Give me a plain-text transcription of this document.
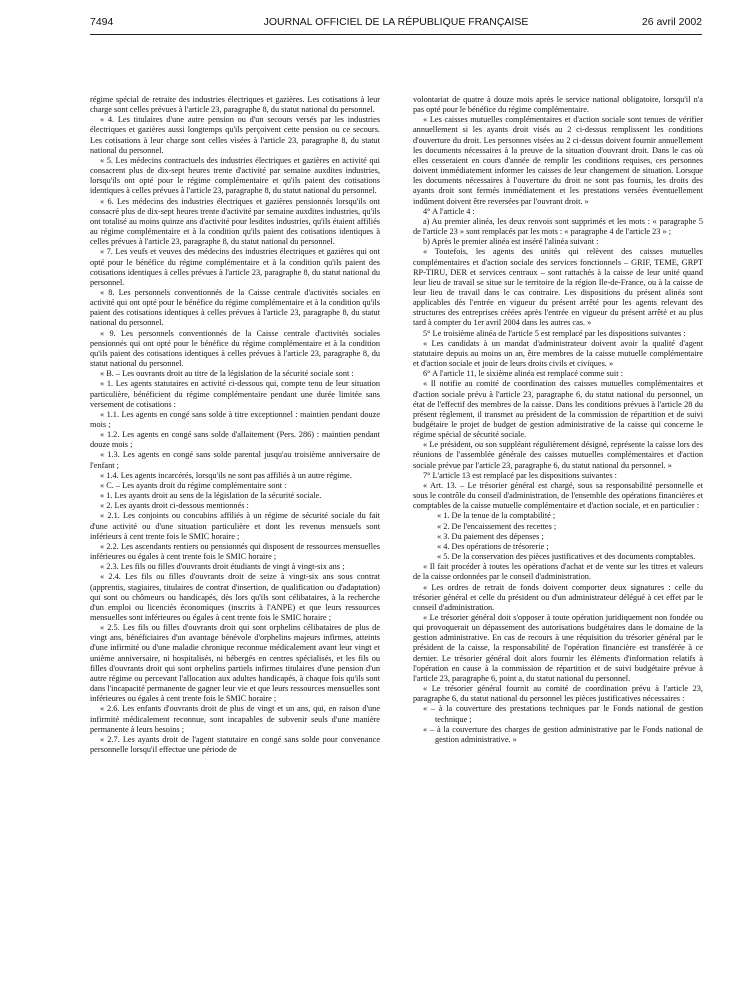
7494	JOURNAL OFFICIEL DE LA RÉPUBLIQUE FRANÇAISE	26 avril 2002

régime spécial de retraite des industries électriques et gazières. Les cotisations à leur charge sont celles prévues à l'article 23, paragraphe 8, du statut national du personnel.

« 4. Les titulaires d'une autre pension ou d'un secours versés par les industries électriques et gazières aussi longtemps qu'ils perçoivent cette pension ou ce secours. Les cotisations à leur charge sont celles visées à l'article 23, paragraphe 8, du statut national du personnel.

« 5. Les médecins contractuels des industries électriques et gazières en activité qui consacrent plus de dix-sept heures trente d'activité par semaine auxdites industries, lorsqu'ils ont opté pour le régime complémentaire et qu'ils paient des cotisations identiques à celles prévues à l'article 23, paragraphe 8, du statut national du personnel.

« 6. Les médecins des industries électriques et gazières pensionnés lorsqu'ils ont consacré plus de dix-sept heures trente d'activité par semaine auxdites industries, qu'ils ont totalisé au moins quinze ans d'activité pour lesdites industries, qu'ils étaient affiliés au régime complémentaire et à la condition qu'ils paient des cotisations identiques à celles prévues à l'article 23, paragraphe 8, du statut national du personnel.

« 7. Les veufs et veuves des médecins des industries électriques et gazières qui ont opté pour le bénéfice du régime complémentaire et à la condition qu'ils paient des cotisations identiques à celles prévues à l'article 23, paragraphe 8, du statut national du personnel.

« 8. Les personnels conventionnés de la Caisse centrale d'activités sociales en activité qui ont opté pour le bénéfice du régime complémentaire et à la condition qu'ils paient des cotisations identiques à celles prévues à l'article 23, paragraphe 8, du statut national du personnel.

« 9. Les personnels conventionnés de la Caisse centrale d'activités sociales pensionnés qui ont opté pour le bénéfice du régime complémentaire et à la condition qu'ils paient des cotisations identiques à celles prévues à l'article 23, paragraphe 8, du statut national du personnel.

« B. – Les ouvrants droit au titre de la législation de la sécurité sociale sont :

« 1. Les agents statutaires en activité ci-dessous qui, compte tenu de leur situation particulière, bénéficient du régime complémentaire pendant une durée limitée sans versement de cotisations :

« 1.1. Les agents en congé sans solde à titre exceptionnel : maintien pendant douze mois ;

« 1.2. Les agents en congé sans solde d'allaitement (Pers. 286) : maintien pendant douze mois ;

« 1.3. Les agents en congé sans solde parental jusqu'au troisième anniversaire de l'enfant ;

« 1.4. Les agents incarcérés, lorsqu'ils ne sont pas affiliés à un autre régime.

« C. – Les ayants droit du régime complémentaire sont :

« 1. Les ayants droit au sens de la législation de la sécurité sociale.

« 2. Les ayants droit ci-dessous mentionnés :

« 2.1. Les conjoints ou concubins affiliés à un régime de sécurité sociale du fait d'une activité ou d'une situation particulière et dont les revenus mensuels sont inférieurs à cent trente fois le SMIC horaire ;

« 2.2. Les ascendants rentiers ou pensionnés qui disposent de ressources mensuelles inférieures ou égales à cent trente fois le SMIC horaire ;

« 2.3. Les fils ou filles d'ouvrants droit étudiants de vingt à vingt-six ans ;

« 2.4. Les fils ou filles d'ouvrants droit de seize à vingt-six ans sous contrat (apprentis, stagiaires, titulaires de contrat d'insertion, de qualification ou d'adaptation) qui sont ou chômeurs ou handicapés, dès lors qu'ils sont célibataires, à la recherche d'un emploi ou licenciés économiques (inscrits à l'ANPE) et que leurs ressources mensuelles sont inférieures ou égales à cent trente fois le SMIC horaire ;

« 2.5. Les fils ou filles d'ouvrants droit qui sont orphelins célibataires de plus de vingt ans, bénéficiaires d'un avantage bénévole d'orphelins majeurs infirmes, atteints d'une infirmité ou d'une maladie chronique reconnue médicalement avant leur vingt et unième anniversaire, ni hospitalisés, ni hébergés en centres spécialisés, et les fils ou filles d'ouvrants droit qui sont orphelins partiels infirmes titulaires d'une pension d'un autre régime ou percevant l'allocation aux adultes handicapés, à chaque fois qu'ils sont dans l'incapacité permanente de gagner leur vie et que leurs ressources mensuelles sont inférieures ou égales à cent trente fois le SMIC horaire ;

« 2.6. Les enfants d'ouvrants droit de plus de vingt et un ans, qui, en raison d'une infirmité médicalement reconnue, sont incapables de subvenir seuls d'une manière permanente à leurs besoins ;

« 2.7. Les ayants droit de l'agent statutaire en congé sans solde pour convenance personnelle lorsqu'il effectue une période de

volontariat de quatre à douze mois après le service national obligatoire, lorsqu'il n'a pas opté pour le bénéfice du régime complémentaire.

« Les caisses mutuelles complémentaires et d'action sociale sont tenues de vérifier annuellement si les ayants droit visés au 2 ci-dessus remplissent les conditions d'ouverture du droit. Les personnes visées au 2 ci-dessus doivent fournir annuellement les documents nécessaires à la preuve de la situation d'ouvrant droit. Dans le cas où elles cesseraient en cours d'année de remplir les conditions requises, ces personnes doivent immédiatement informer les caisses de leur changement de situation. Lorsque les documents nécessaires à l'ouverture du droit ne sont pas fournis, les droits des ayants droit sont fermés immédiatement et les prestations versées éventuellement indûment doivent être reversées par l'ouvrant droit. »

4° A l'article 4 :

a) Au premier alinéa, les deux renvois sont supprimés et les mots : « paragraphe 5 de l'article 23 » sont remplacés par les mots : « paragraphe 4 de l'article 23 » ;

b) Après le premier alinéa est inséré l'alinéa suivant :

« Toutefois, les agents des unités qui relèvent des caisses mutuelles complémentaires et d'action sociale des services fonctionnels – GRIF, TEME, GRPT RP-TIRU, DER et services centraux – sont rattachés à la caisse de leur unité quand leur lieu de travail se situe sur le territoire de la région Ile-de-France, ou à la caisse de leur lieu de travail dans le cas contraire. Les dispositions du présent alinéa sont applicables dès l'entrée en vigueur du présent arrêté pour les agents relevant des structures des entreprises créées après l'entrée en vigueur du présent arrêté et au plus tard à compter du 1er avril 2004 dans les autres cas. »

5° Le troisième alinéa de l'article 5 est remplacé par les dispositions suivantes :

« Les candidats à un mandat d'administrateur doivent avoir la qualité d'agent statutaire depuis au moins un an, être membres de la caisse mutuelle complémentaire et d'action sociale et jouir de leurs droits civils et civiques. »

6° A l'article 11, le sixième alinéa est remplacé comme suit :

« Il notifie au comité de coordination des caisses mutuelles complémentaires et d'action sociale prévu à l'article 23, paragraphe 6, du statut national du personnel, un état de l'effectif des membres de la caisse. Dans les conditions prévues à l'article 28 du présent règlement, il transmet au président de la commission de répartition et de suivi budgétaire le projet de budget de gestion administrative de la caisse qui concerne le régime spécial de sécurité sociale.

« Le président, ou son suppléant régulièrement désigné, représente la caisse lors des réunions de l'assemblée générale des caisses mutuelles complémentaires et d'action sociale prévue par l'article 23, paragraphe 6, du statut national du personnel. »

7° L'article 13 est remplacé par les dispositions suivantes :

« Art. 13. – Le trésorier général est chargé, sous sa responsabilité personnelle et sous le contrôle du conseil d'administration, de l'ensemble des opérations financières et comptables de la caisse mutuelle complémentaire et d'action sociale, et en particulier :

« 1. De la tenue de la comptabilité ;

« 2. De l'encaissement des recettes ;

« 3. Du paiement des dépenses ;

« 4. Des opérations de trésorerie ;

« 5. De la conservation des pièces justificatives et des documents comptables.

« Il fait procéder à toutes les opérations d'achat et de vente sur les titres et valeurs de la caisse ordonnées par le conseil d'administration.

« Les ordres de retrait de fonds doivent comporter deux signatures : celle du trésorier général et celle du président ou d'un administrateur délégué à cet effet par le conseil d'administration.

« Le trésorier général doit s'opposer à toute opération juridiquement non fondée ou qui provoquerait un dépassement des autorisations budgétaires dans le domaine de la gestion administrative. En cas de recours à une réquisition du trésorier général par le président de la caisse, la responsabilité de l'opération financière est transférée à ce dernier. Le trésorier général doit alors fournir les éléments d'information relatifs à l'opération en cause à la commission de répartition et de suivi budgétaire prévue à l'article 23, paragraphe 6, point a, du statut national du personnel.

« Le trésorier général fournit au comité de coordination prévu à l'article 23, paragraphe 6, du statut national du personnel les pièces justificatives nécessaires :

« – à la couverture des prestations techniques par le Fonds national de gestion technique ;

« – à la couverture des charges de gestion administrative par le Fonds national de gestion administrative. »
